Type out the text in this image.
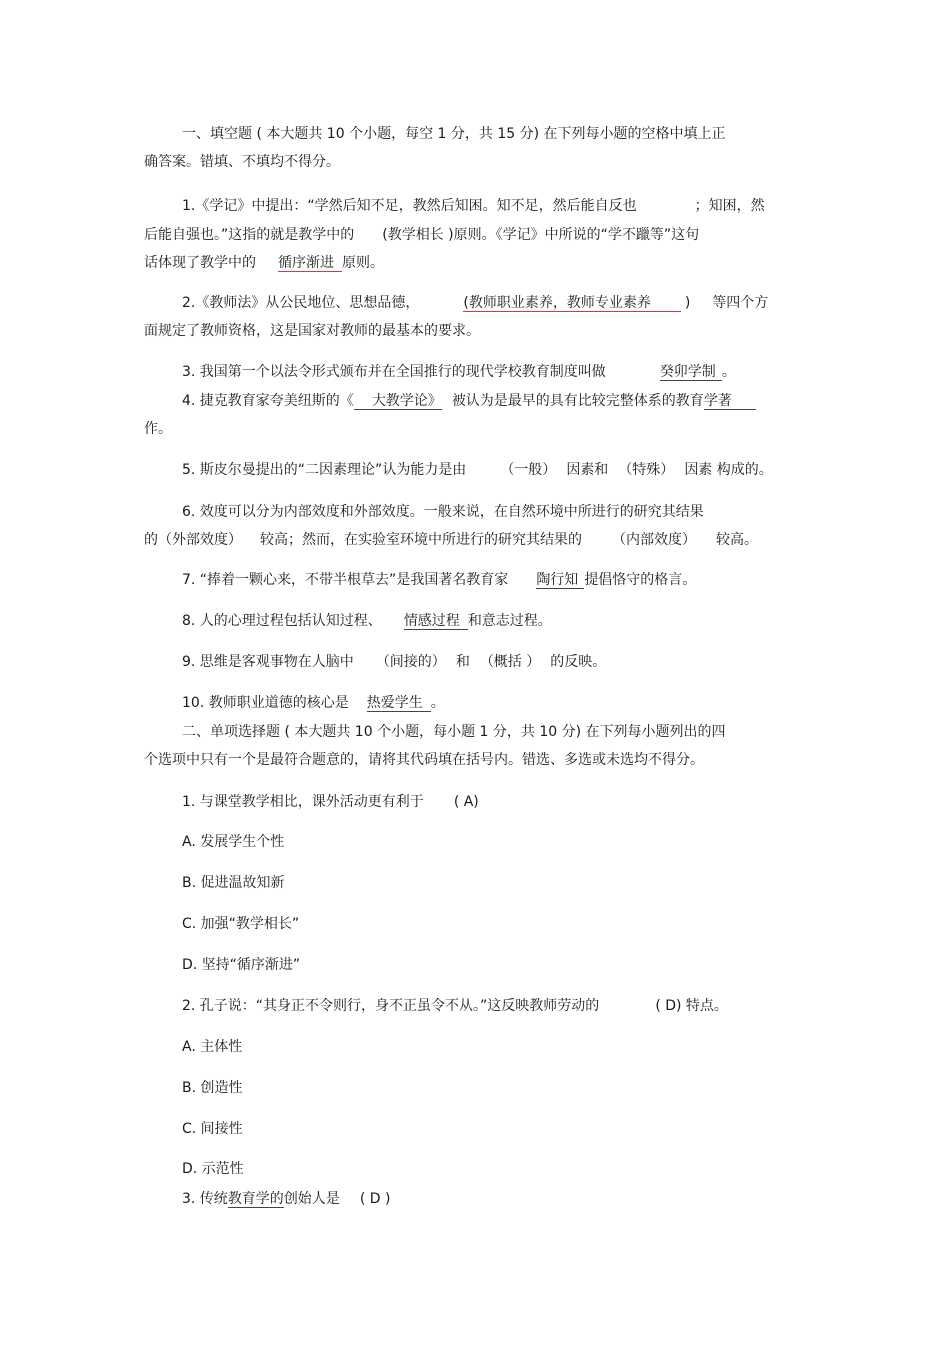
一、填空题 ( 本大题共 10 个小题，每空 1 分，共 15 分) 在下列每小题的空格中填上正
确答案。错填、不填均不得分。
1.《学记》中提出：“学然后知不足，教然后知困。知不足，然后能自反也	；知困，然
后能自强也。”这指的就是教学中的 (教学相长 )原则。《学记》中所说的“学不躐等”这句
话体现了教学中的 循序渐进 原则。
2.《教师法》从公民地位、思想品德，	(教师职业素养，教师专业素养 ) 等四个方
面规定了教师资格，这是国家对教师的最基本的要求。
3. 我国第一个以法令形式颁布并在全国推行的现代学校教育制度叫做	癸卯学制 。
4. 捷克教育家夸美纽斯的《 大教学论》 被认为是最早的具有比较完整体系的教育学著
作。
5. 斯皮尔曼提出的“二因素理论”认为能力是由 （一般） 因素和 （特殊） 因素 构成的。
6. 效度可以分为内部效度和外部效度。一般来说，在自然环境中所进行的研究其结果
的（外部效度） 较高；然而，在实验室环境中所进行的研究其结果的 （内部效度） 较高。
7. “捧着一颗心来，不带半根草去”是我国著名教育家 陶行知 提倡恪守的格言。
8. 人的心理过程包括认知过程、 情感过程 和意志过程。
9. 思维是客观事物在人脑中 （间接的） 和 （概括 ） 的反映。
10. 教师职业道德的核心是 热爱学生 。
二、单项选择题 ( 本大题共 10 个小题，每小题 1 分，共 10 分) 在下列每小题列出的四
个选项中只有一个是最符合题意的，请将其代码填在括号内。错选、多选或未选均不得分。
1. 与课堂教学相比，课外活动更有利于 ( A)
A. 发展学生个性
B. 促进温故知新
C. 加强“教学相长”
D. 坚持“循序渐进”
2. 孔子说：“其身正不令则行，身不正虽令不从。”这反映教师劳动的	( D) 特点。
A. 主体性
B. 创造性
C. 间接性
D. 示范性
3. 传统教育学的创始人是 ( D )
